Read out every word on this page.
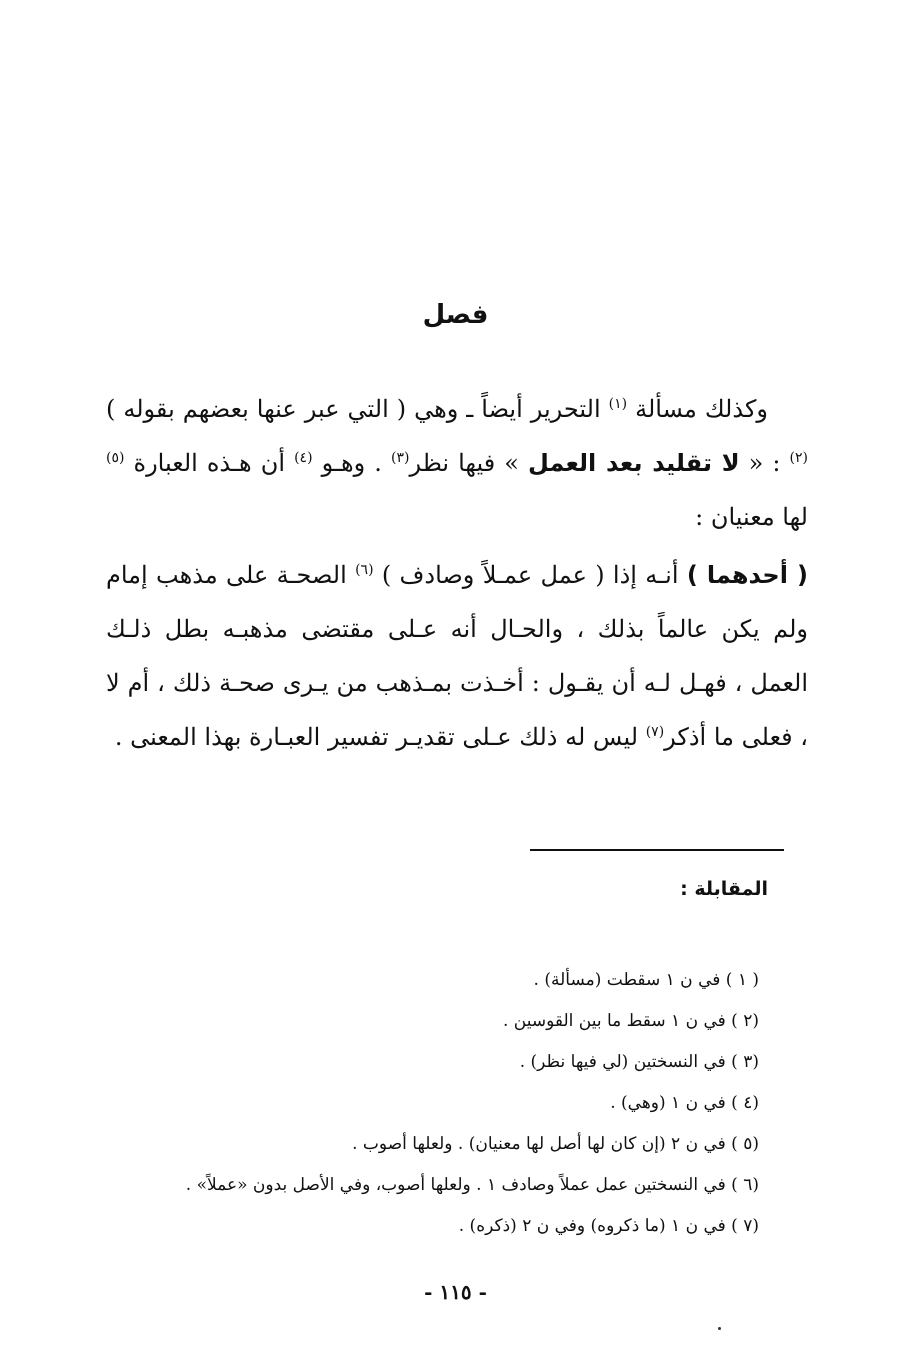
فصل

وكذلك مسألة $^{(١)}$ التحرير أيضاً ـ وهي ( التي عبر عنها بعضهم بقوله ) $^{(٢)}$ : « لا تقليد بعد العمل » فيها نظر$^{(٣)}$ . وهـو $^{(٤)}$ أن هـذه العبارة $^{(٥)}$ لها معنيان :

( أحدهما ) أنـه إذا ( عمل عمـلاً وصادف ) $^{(٦)}$ الصحـة على مذهب إمام ولم يكن عالماً بذلك ، والحـال أنه عـلى مقتضى مذهبـه بطل ذلـك العمل ، فهـل لـه أن يقـول : أخـذت بمـذهب من يـرى صحـة ذلك ، أم لا ، فعلى ما أذكر$^{(٧)}$ ليس له ذلك عـلى تقديـر تفسير العبـارة بهذا المعنى .

المقابلة :
( ١ ) في ن ١ سقطت (مسألة) .
(٢ ) في ن ١ سقط ما بين القوسين .
(٣ ) في النسختين (لي فيها نظر) .
(٤ ) في ن ١ (وهي) .
(٥ ) في ن ٢ (إن كان لها أصل لها معنيان) . ولعلها أصوب .
(٦ ) في النسختين عمل عملاً وصادف ١ . ولعلها أصوب، وفي الأصل بدون «عملاً» .
(٧ ) في ن ١ (ما ذكروه) وفي ن ٢ (ذكره) .
- ١١٥ -
